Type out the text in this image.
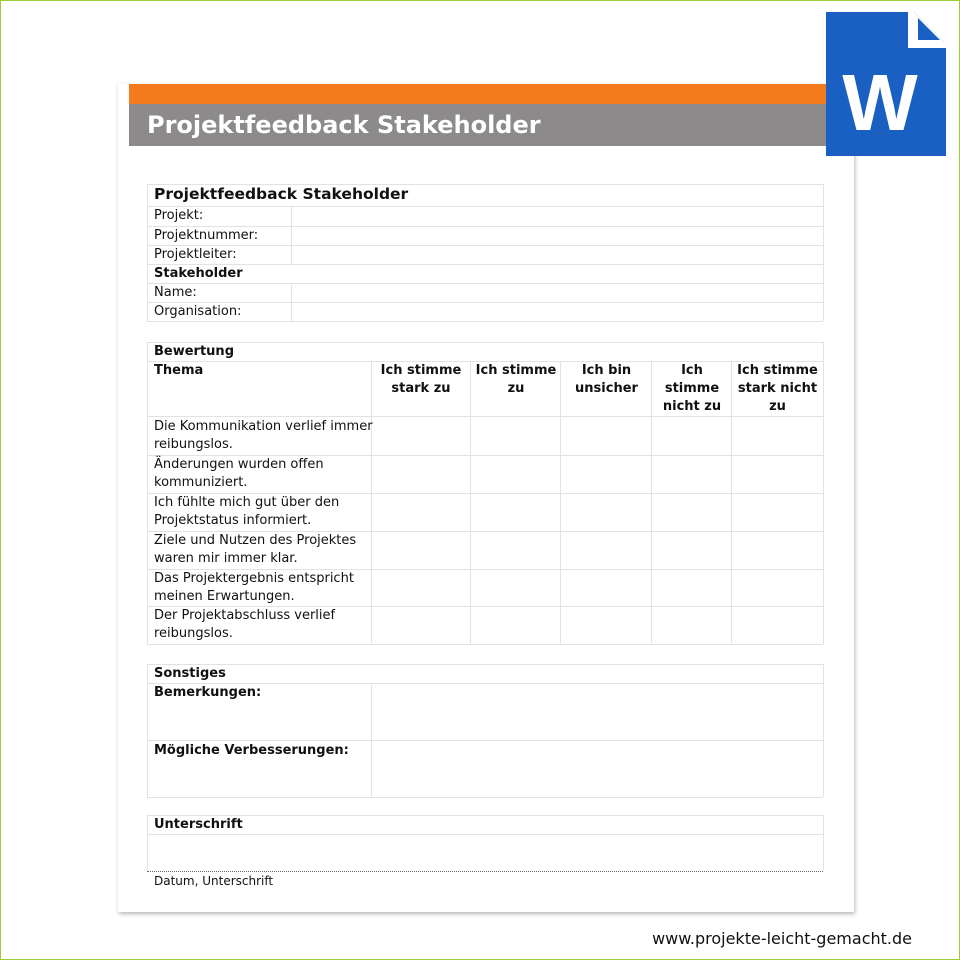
Projektfeedback Stakeholder	W
Projektfeedback Stakeholder
Projekt:
Projektnummer:
Projektleiter:
Stakeholder
Name:
Organisation:
Bewertung
Thema	Ich stimme
stark zu
Ich stimme
zu
Ich bin
unsicher
Ich
stimme
nicht zu
Ich stimme
stark nicht
zu
Die Kommunikation verlief immer
reibungslos.
Änderungen wurden offen
kommuniziert.
Ich fühlte mich gut über den
Projektstatus informiert.
Ziele und Nutzen des Projektes
waren mir immer klar.
Das Projektergebnis entspricht
meinen Erwartungen.
Der Projektabschluss verlief
reibungslos.
Sonstiges
Bemerkungen:
Mögliche Verbesserungen:
Unterschrift
Datum, Unterschrift
www.projekte-leicht-gemacht.de
